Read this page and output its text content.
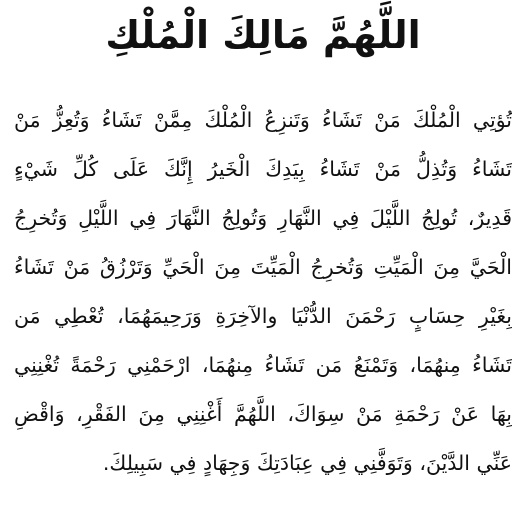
اللَّهُمَّ مَالِكَ الْمُلْكِ
تُؤتِي الْمُلْكَ مَنْ تَشَاءُ وَتَنزِعُ الْمُلْكَ مِمَّنْ تَشَاءُ وَتُعِزُّ مَنْ
تَشَاءُ وَتُذِلُّ مَنْ تَشَاءُ بِيَدِكَ الْخَيرُ إِنَّكَ عَلَى كُلِّ شَيْءٍ
قَدِيرٌ، تُولِجُ اللَّيْلَ فِي النَّهَارِ وَتُولِجُ النَّهَارَ فِي اللَّيْلِ وَتُخرِجُ
الْحَيَّ مِنَ الْمَيِّتِ وَتُخرِجُ الْمَيِّتَ مِنَ الْحَيِّ وَتَرْزُقُ مَنْ تَشَاءُ
بِغَيْرِ حِسَابٍ رَحْمَنَ الدُّنْيَا والآخِرَةِ وَرَحِيمَهُمَا، تُعْطِي مَن
تَشَاءُ مِنهُمَا، وَتَمْنَعُ مَن تَشَاءُ مِنهُمَا، ارْحَمْنِي رَحْمَةً تُغْنِنِي
بِهَا عَنْ رَحْمَةِ مَنْ سِوَاكَ، اللَّهُمَّ أَغْنِنِي مِنَ الفَقْرِ، وَاقْضِ
عَنِّي الدَّيْنَ، وَتَوَفَّنِي فِي عِبَادَتِكَ وَجِهَادٍ فِي سَبِيلِكَ.
